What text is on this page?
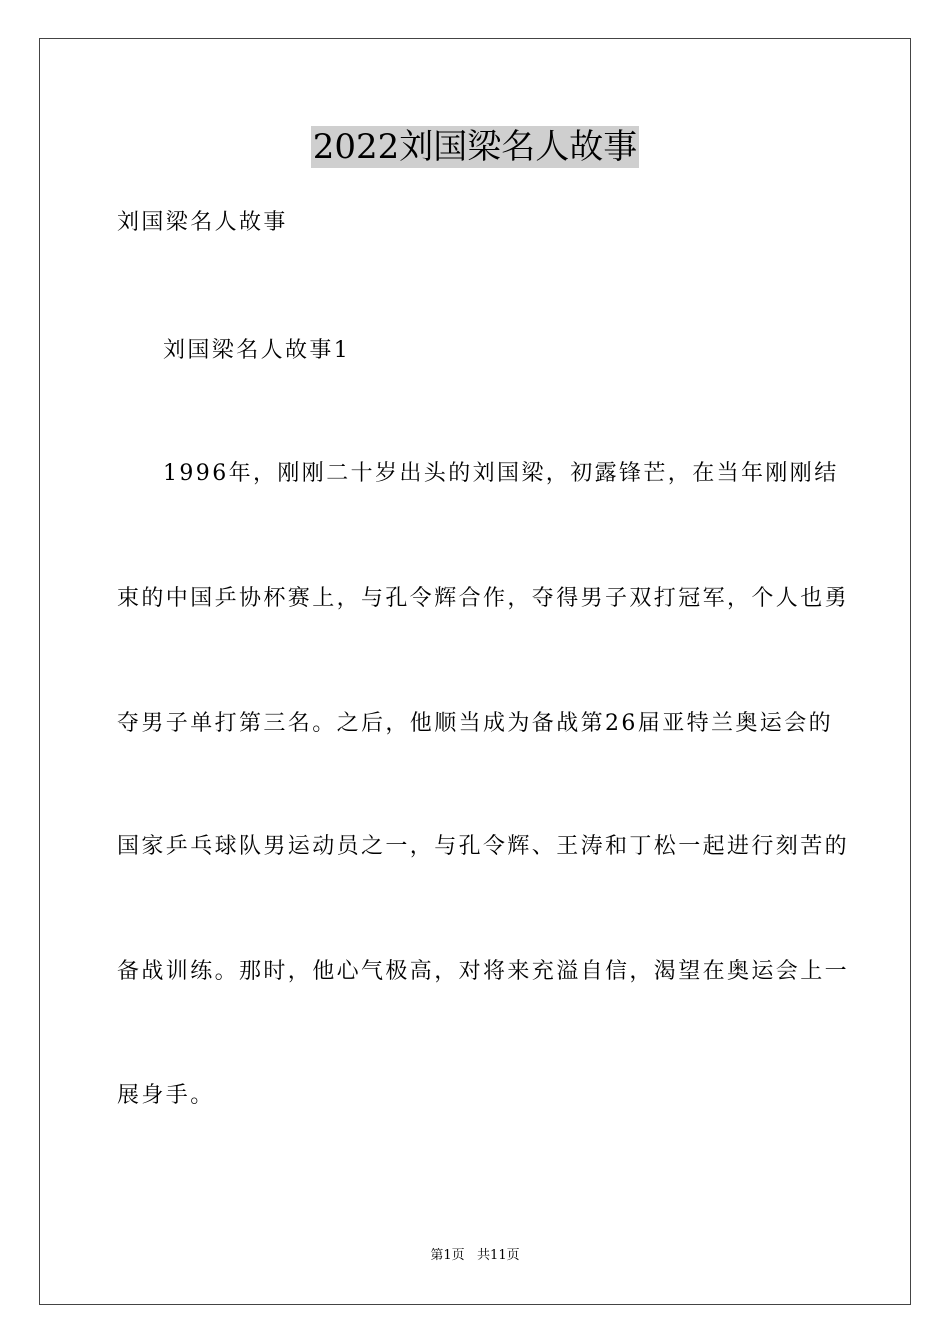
2022刘国梁名人故事
刘国梁名人故事
刘国梁名人故事1
1996年，刚刚二十岁出头的刘国梁，初露锋芒，在当年刚刚结
束的中国乒协杯赛上，与孔令辉合作，夺得男子双打冠军，个人也勇
夺男子单打第三名。之后，他顺当成为备战第26届亚特兰奥运会的
国家乒乓球队男运动员之一，与孔令辉、王涛和丁松一起进行刻苦的
备战训练。那时，他心气极高，对将来充溢自信，渴望在奥运会上一
展身手。
第1页   共11页
